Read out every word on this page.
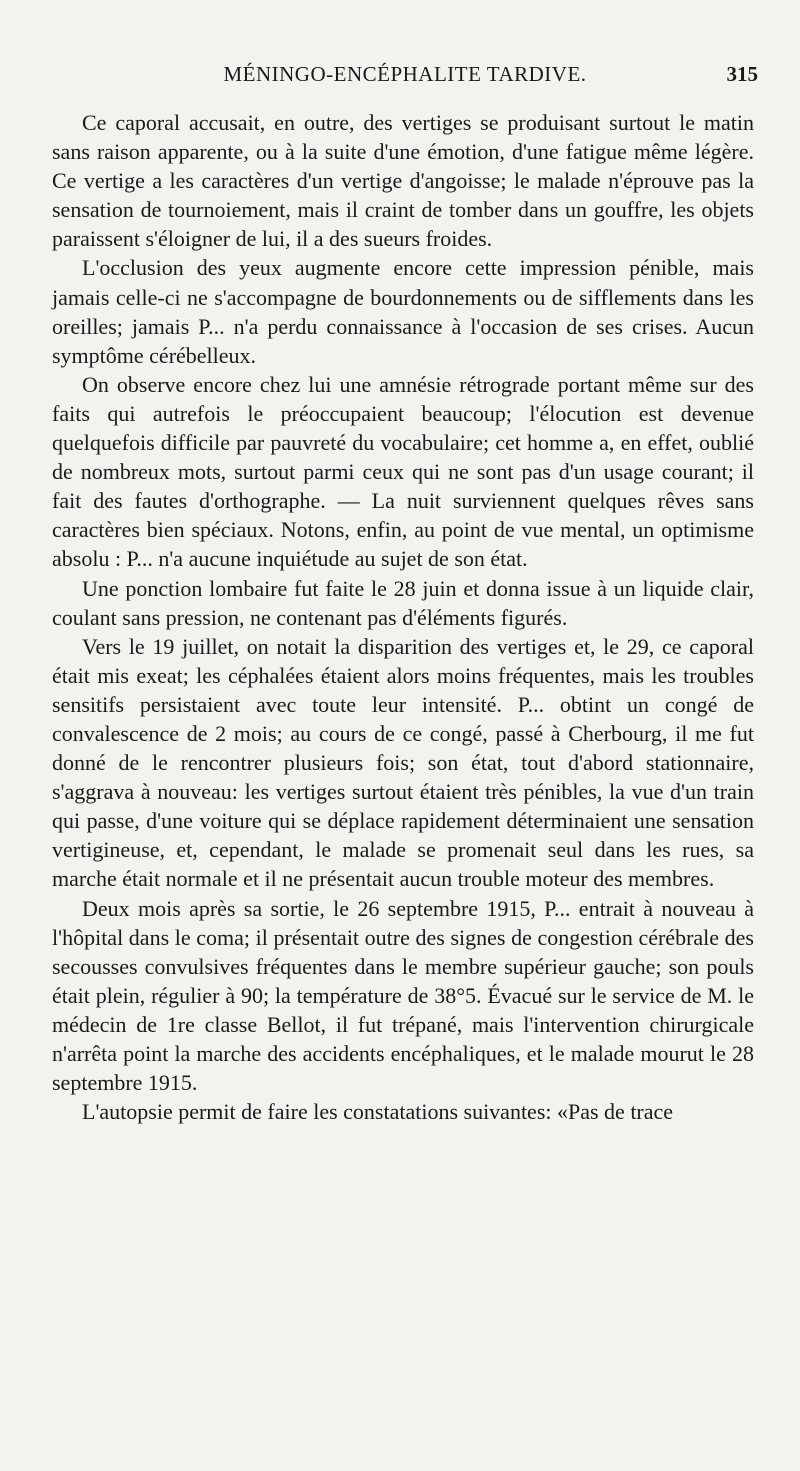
MÉNINGO-ENCÉPHALITE TARDIVE.	315

Ce caporal accusait, en outre, des vertiges se produisant surtout le matin sans raison apparente, ou à la suite d'une émotion, d'une fatigue même légère. Ce vertige a les caractères d'un vertige d'angoisse; le malade n'éprouve pas la sensation de tournoiement, mais il craint de tomber dans un gouffre, les objets paraissent s'éloigner de lui, il a des sueurs froides.

L'occlusion des yeux augmente encore cette impression pénible, mais jamais celle-ci ne s'accompagne de bourdonnements ou de sifflements dans les oreilles; jamais P... n'a perdu connaissance à l'occasion de ses crises. Aucun symptôme cérébelleux.

On observe encore chez lui une amnésie rétrograde portant même sur des faits qui autrefois le préoccupaient beaucoup; l'élocution est devenue quelquefois difficile par pauvreté du vocabulaire; cet homme a, en effet, oublié de nombreux mots, surtout parmi ceux qui ne sont pas d'un usage courant; il fait des fautes d'orthographe. — La nuit surviennent quelques rêves sans caractères bien spéciaux. Notons, enfin, au point de vue mental, un optimisme absolu : P... n'a aucune inquiétude au sujet de son état.

Une ponction lombaire fut faite le 28 juin et donna issue à un liquide clair, coulant sans pression, ne contenant pas d'éléments figurés.

Vers le 19 juillet, on notait la disparition des vertiges et, le 29, ce caporal était mis exeat; les céphalées étaient alors moins fréquentes, mais les troubles sensitifs persistaient avec toute leur intensité. P... obtint un congé de convalescence de 2 mois; au cours de ce congé, passé à Cherbourg, il me fut donné de le rencontrer plusieurs fois; son état, tout d'abord stationnaire, s'aggrava à nouveau: les vertiges surtout étaient très pénibles, la vue d'un train qui passe, d'une voiture qui se déplace rapidement déterminaient une sensation vertigineuse, et, cependant, le malade se promenait seul dans les rues, sa marche était normale et il ne présentait aucun trouble moteur des membres.

Deux mois après sa sortie, le 26 septembre 1915, P... entrait à nouveau à l'hôpital dans le coma; il présentait outre des signes de congestion cérébrale des secousses convulsives fréquentes dans le membre supérieur gauche; son pouls était plein, régulier à 90; la température de 38°5. Évacué sur le service de M. le médecin de 1re classe Bellot, il fut trépané, mais l'intervention chirurgicale n'arrêta point la marche des accidents encéphaliques, et le malade mourut le 28 septembre 1915.

L'autopsie permit de faire les constatations suivantes: «Pas de trace
